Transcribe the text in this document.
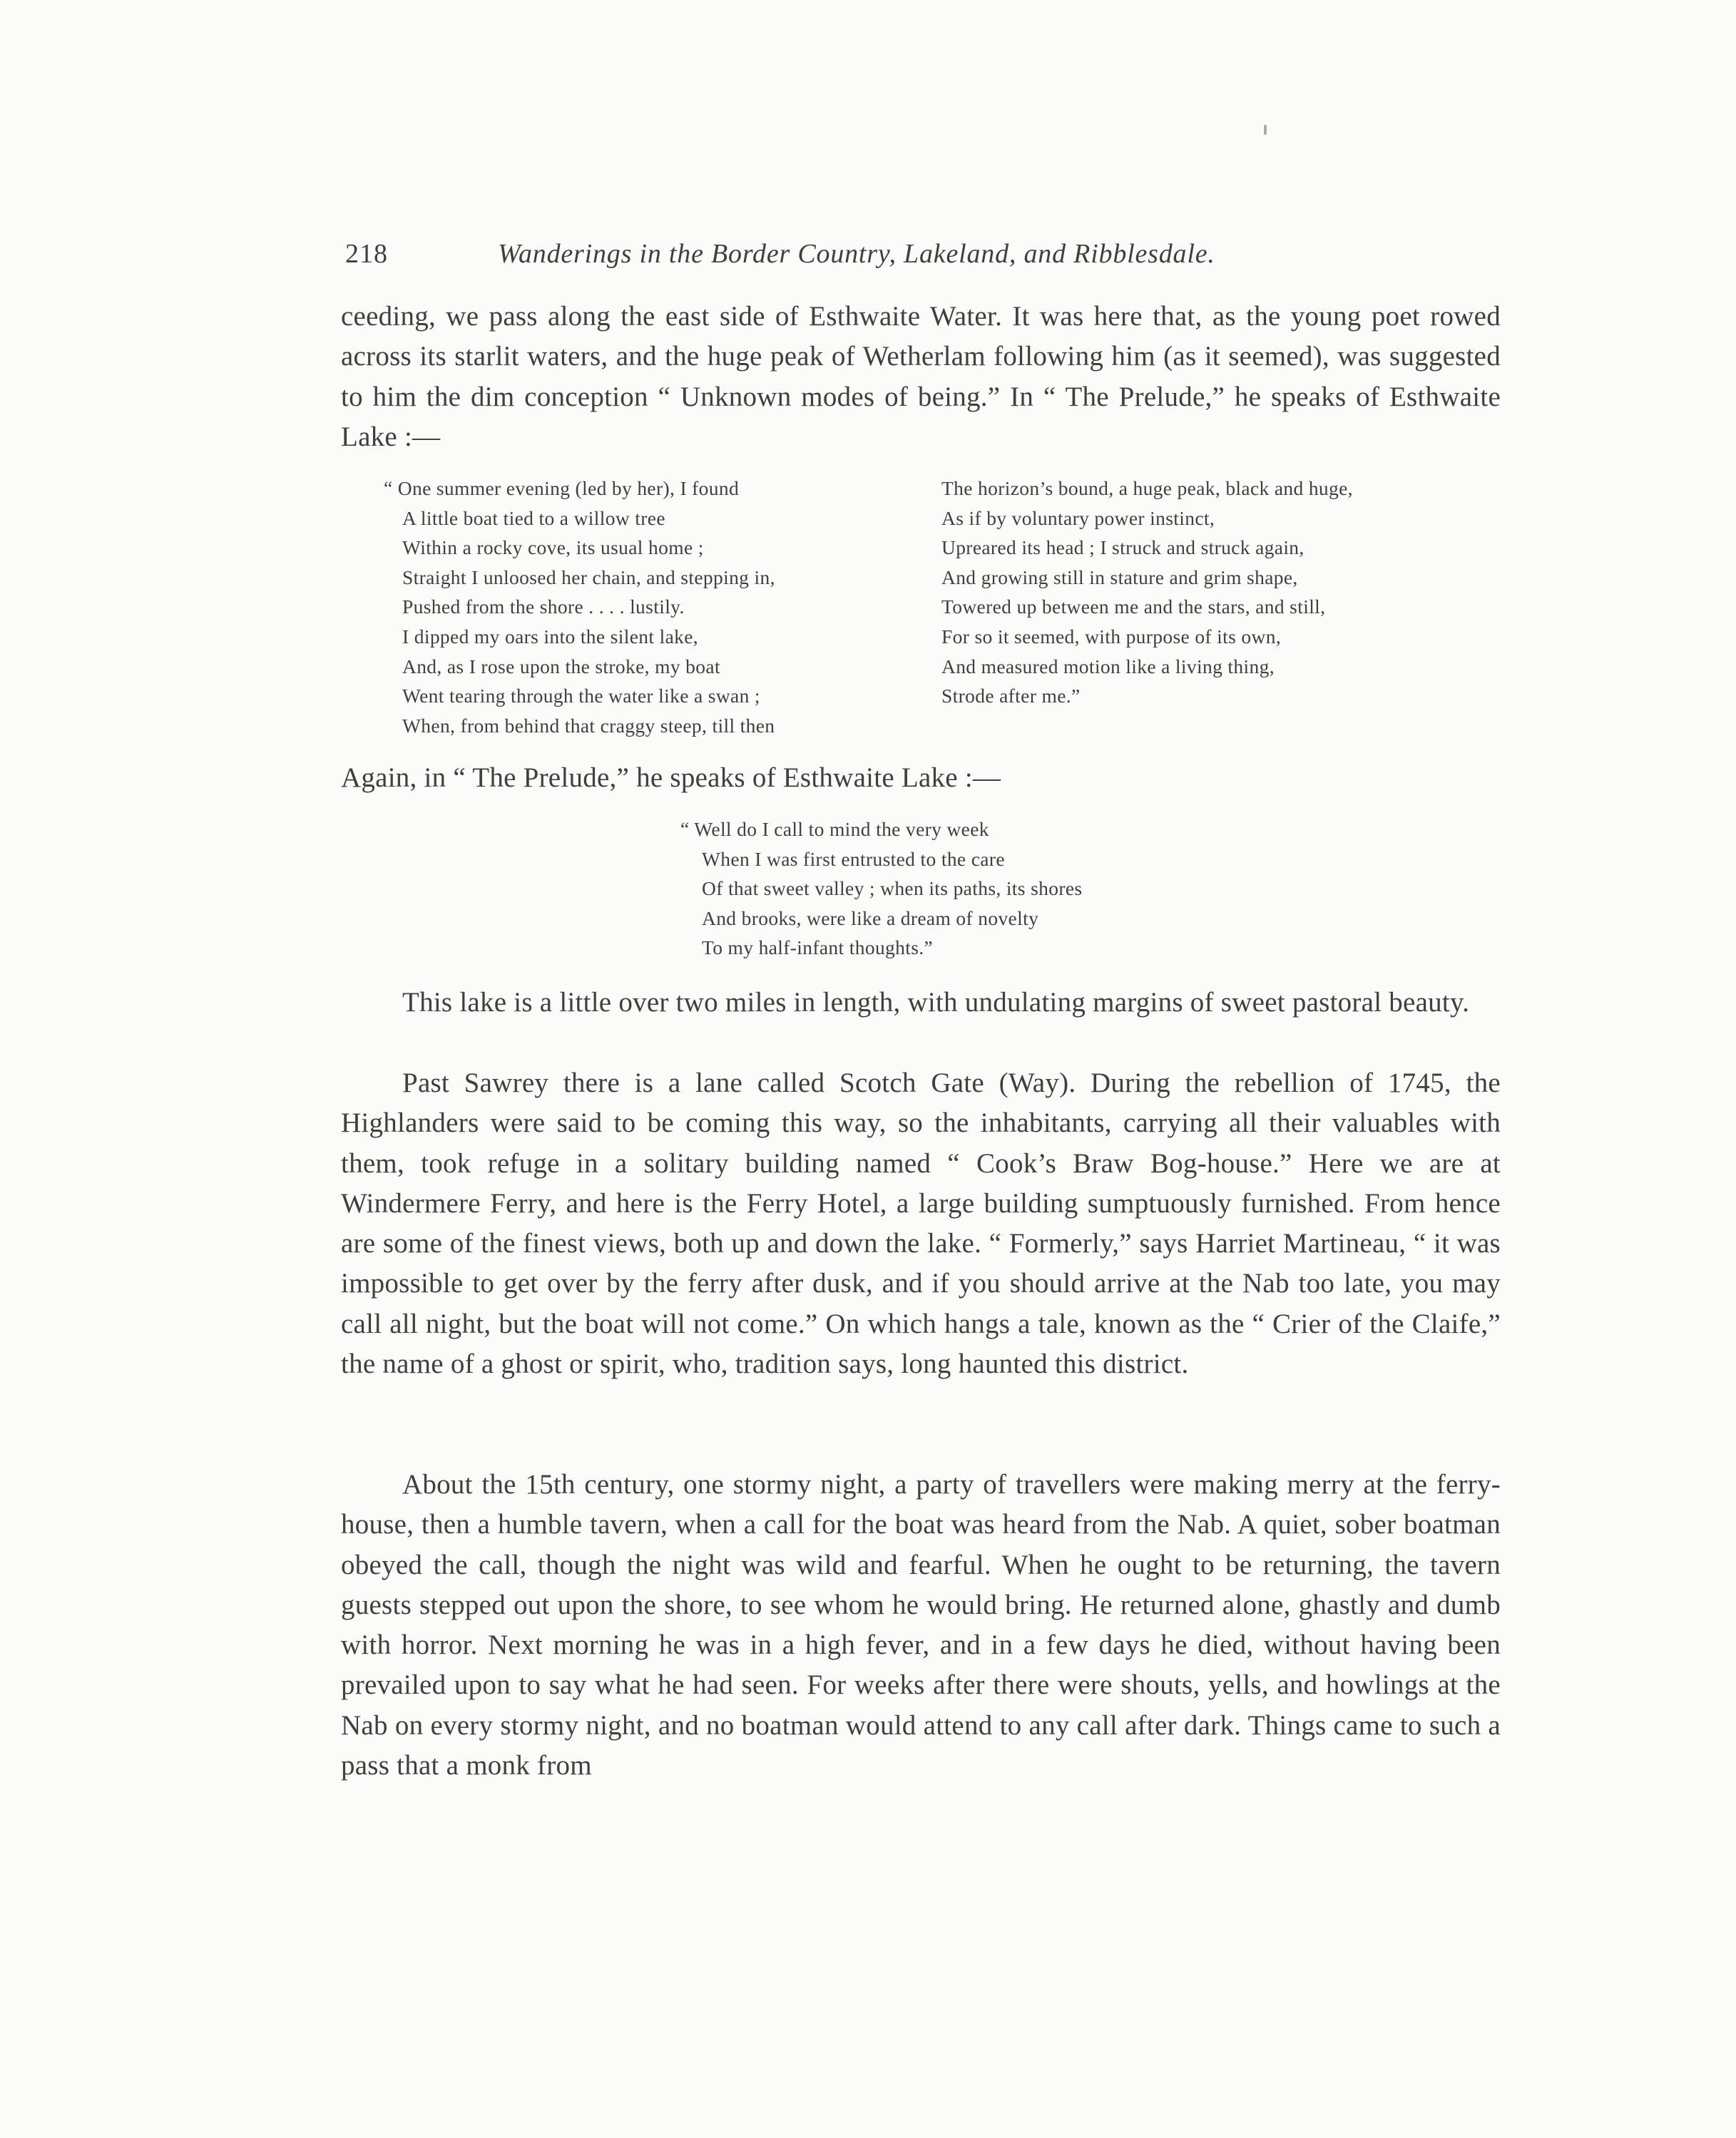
218	Wanderings in the Border Country, Lakeland, and Ribblesdale.

ceeding, we pass along the east side of Esthwaite Water. It was here that, as the young poet rowed across its starlit waters, and the huge peak of Wetherlam following him (as it seemed), was suggested to him the dim conception “ Unknown modes of being.” In “ The Prelude,” he speaks of Esthwaite Lake :—

“ One summer evening (led by her), I found
A little boat tied to a willow tree
Within a rocky cove, its usual home ;
Straight I unloosed her chain, and stepping in,
Pushed from the shore . . . . lustily.
I dipped my oars into the silent lake,
And, as I rose upon the stroke, my boat
Went tearing through the water like a swan ;
When, from behind that craggy steep, till then
The horizon’s bound, a huge peak, black and huge,
As if by voluntary power instinct,
Upreared its head ; I struck and struck again,
And growing still in stature and grim shape,
Towered up between me and the stars, and still,
For so it seemed, with purpose of its own,
And measured motion like a living thing,
Strode after me.”

Again, in “ The Prelude,” he speaks of Esthwaite Lake :—

“ Well do I call to mind the very week
When I was first entrusted to the care
Of that sweet valley ; when its paths, its shores
And brooks, were like a dream of novelty
To my half-infant thoughts.”

This lake is a little over two miles in length, with undulating margins of sweet pastoral beauty.

Past Sawrey there is a lane called Scotch Gate (Way). During the rebellion of 1745, the Highlanders were said to be coming this way, so the inhabitants, carrying all their valuables with them, took refuge in a solitary building named “ Cook’s Braw Bog-house.” Here we are at Windermere Ferry, and here is the Ferry Hotel, a large building sumptuously furnished. From hence are some of the finest views, both up and down the lake. “ Formerly,” says Harriet Martineau, “ it was impossible to get over by the ferry after dusk, and if you should arrive at the Nab too late, you may call all night, but the boat will not come.” On which hangs a tale, known as the “ Crier of the Claife,” the name of a ghost or spirit, who, tradition says, long haunted this district.

About the 15th century, one stormy night, a party of travellers were making merry at the ferry-house, then a humble tavern, when a call for the boat was heard from the Nab. A quiet, sober boatman obeyed the call, though the night was wild and fearful. When he ought to be returning, the tavern guests stepped out upon the shore, to see whom he would bring. He returned alone, ghastly and dumb with horror. Next morning he was in a high fever, and in a few days he died, without having been prevailed upon to say what he had seen. For weeks after there were shouts, yells, and howlings at the Nab on every stormy night, and no boatman would attend to any call after dark. Things came to such a pass that a monk from
